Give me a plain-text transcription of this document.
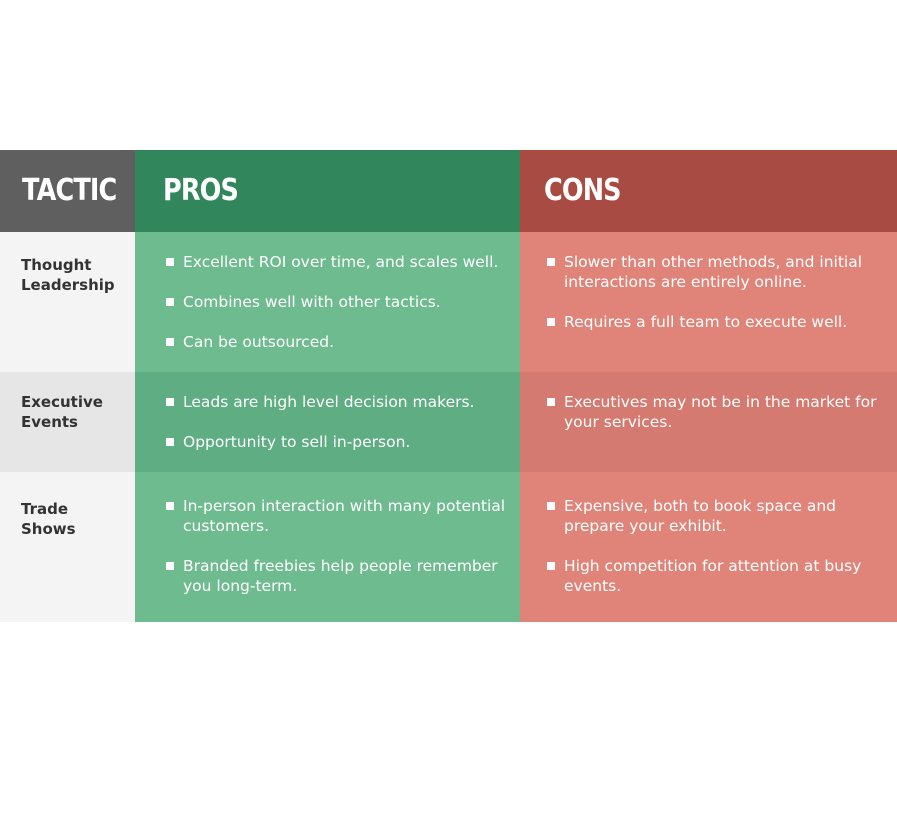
TACTIC	PROS	CONS
Thought
Leadership
Excellent ROI over time, and scales well.
Combines well with other tactics.
Can be outsourced.
Slower than other methods, and initial interactions are entirely online.
Requires a full team to execute well.
Executive
Events
Leads are high level decision makers.
Opportunity to sell in-person.
Executives may not be in the market for your services.
Trade
Shows
In-person interaction with many potential customers.
Branded freebies help people remember you long-term.
Expensive, both to book space and prepare your exhibit.
High competition for attention at busy events.
